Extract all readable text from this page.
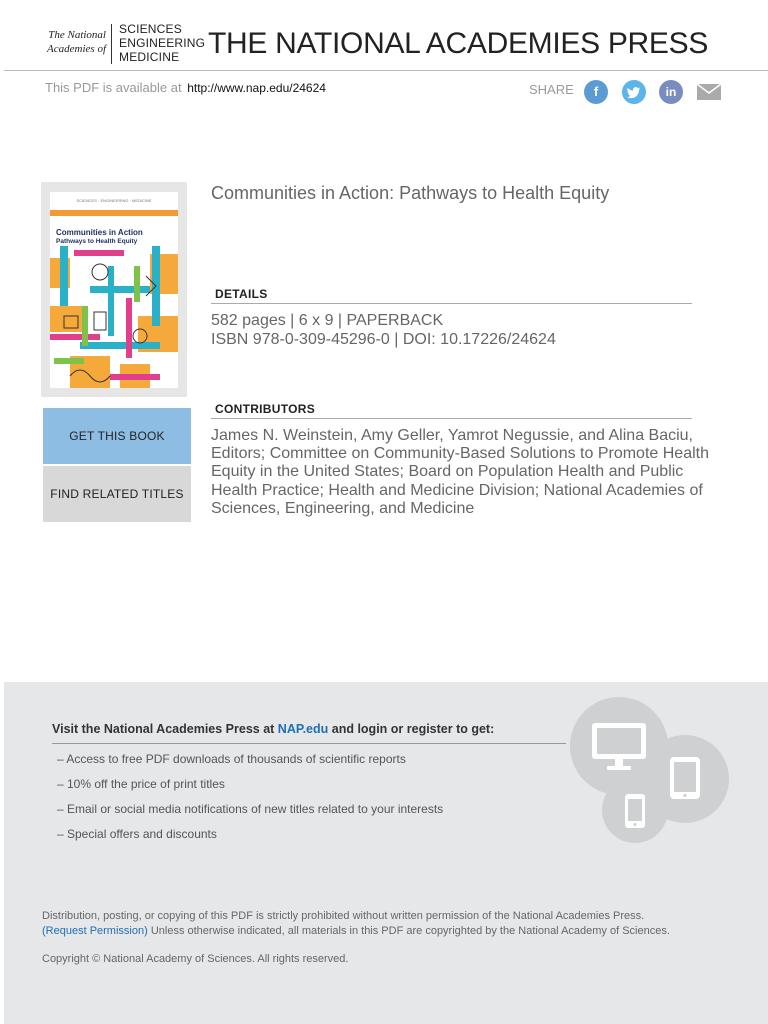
The National
Academies of
SCIENCES
ENGINEERING
MEDICINE THE NATIONAL ACADEMIES PRESS
This PDF is available at http://www.nap.edu/24624	SHARE	f	in
SCIENCES · ENGINEERING · MEDICINE
Communities in Action
Pathways to Health Equity
Communities in Action: Pathways to Health Equity
DETAILS
582 pages | 6 x 9 | PAPERBACK
ISBN 978-0-309-45296-0 | DOI: 10.17226/24624
GET THIS BOOK
FIND RELATED TITLES
CONTRIBUTORS
James N. Weinstein, Amy Geller, Yamrot Negussie, and Alina Baciu, Editors; Committee on Community-Based Solutions to Promote Health Equity in the United States; Board on Population Health and Public Health Practice; Health and Medicine Division; National Academies of Sciences, Engineering, and Medicine
Visit the National Academies Press at NAP.edu and login or register to get:
– Access to free PDF downloads of thousands of scientific reports
– 10% off the price of print titles
– Email or social media notifications of new titles related to your interests
– Special offers and discounts
Distribution, posting, or copying of this PDF is strictly prohibited without written permission of the National Academies Press.
(Request Permission) Unless otherwise indicated, all materials in this PDF are copyrighted by the National Academy of Sciences.
Copyright © National Academy of Sciences. All rights reserved.
